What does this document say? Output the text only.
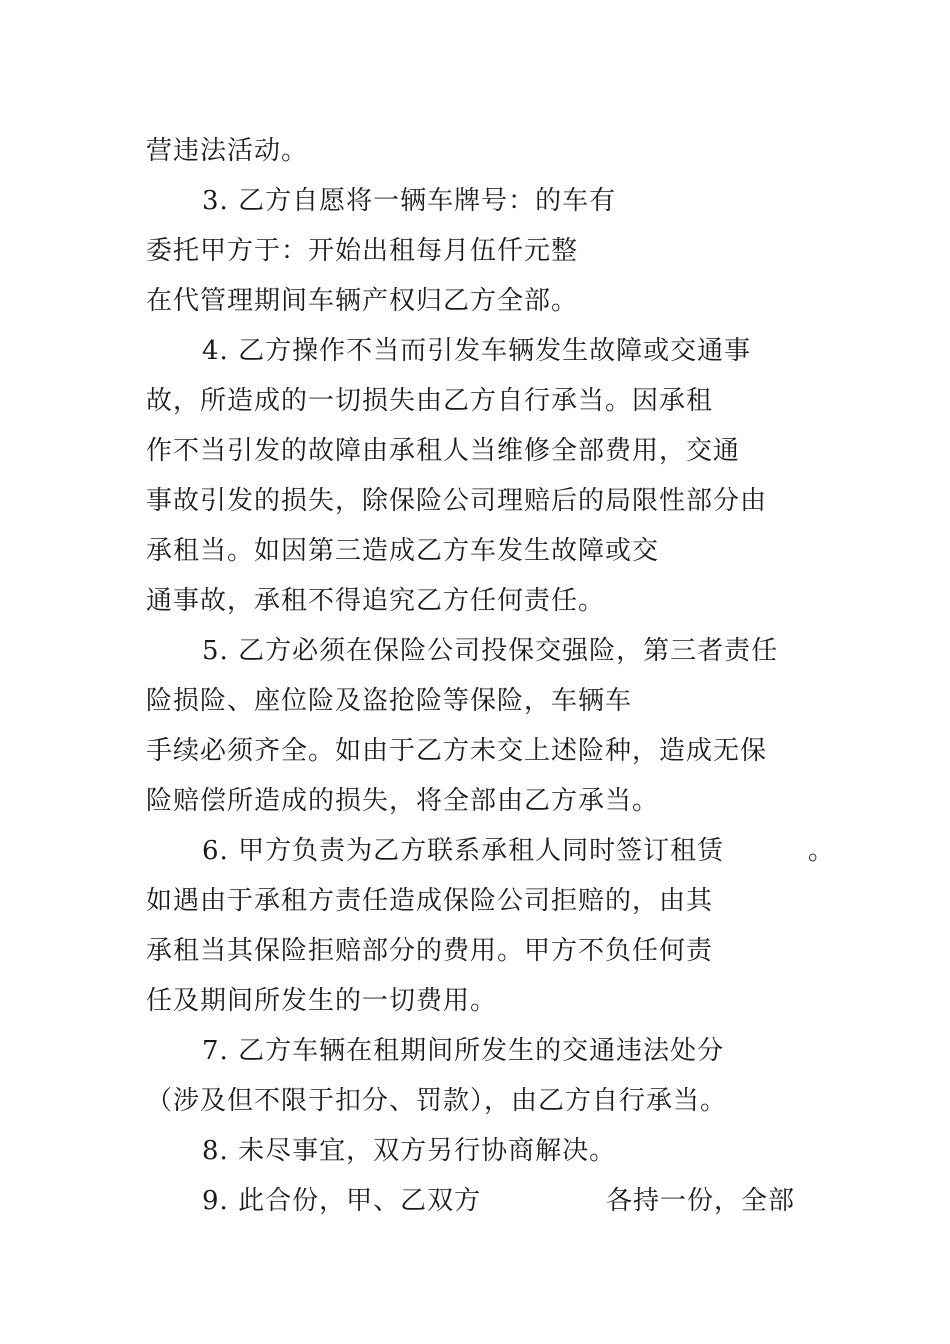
营违法活动。
3. 乙方自愿将一辆车牌号：的车有
委托甲方于：开始出租每月伍仟元整
在代管理期间车辆产权归乙方全部。
4. 乙方操作不当而引发车辆发生故障或交通事
故，所造成的一切损失由乙方自行承当。因承租
作不当引发的故障由承租人当维修全部费用，交通
事故引发的损失，除保险公司理赔后的局限性部分由
承租当。如因第三造成乙方车发生故障或交
通事故，承租不得追究乙方任何责任。
5. 乙方必须在保险公司投保交强险，第三者责任
险损险、座位险及盗抢险等保险，车辆车
手续必须齐全。如由于乙方未交上述险种，造成无保
险赔偿所造成的损失，将全部由乙方承当。
6. 甲方负责为乙方联系承租人同时签订租赁	。
如遇由于承租方责任造成保险公司拒赔的，由其
承租当其保险拒赔部分的费用。甲方不负任何责
任及期间所发生的一切费用。
7. 乙方车辆在租期间所发生的交通违法处分
（涉及但不限于扣分、罚款），由乙方自行承当。
8. 未尽事宜，双方另行协商解决。
9. 此合份，甲、乙双方	各持一份，全部
